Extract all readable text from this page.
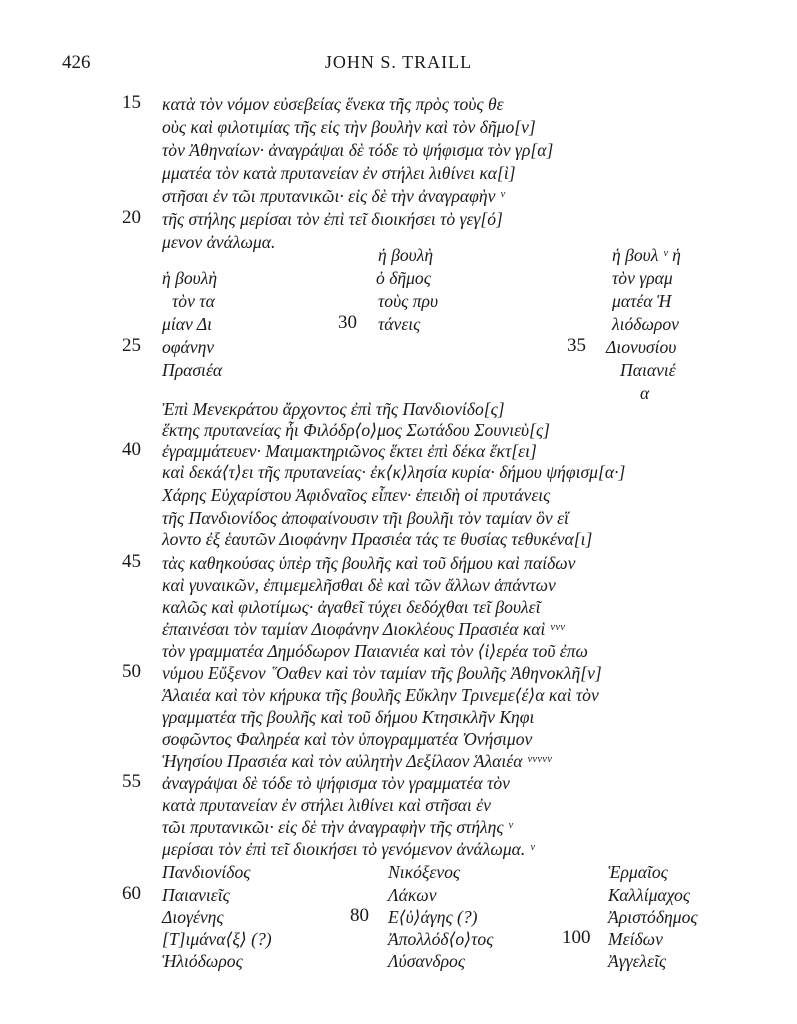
426	JOHN S. TRAILL
15 κατὰ τὸν νόμον εὐσεβείας ἕνεκα τῆς πρὸς τοὺς θε
οὺς καὶ φιλοτιμίας τῆς εἰς τὴν βουλὴν καὶ τὸν δῆμο[ν]
τὸν Ἀθηναίων· ἀναγράψαι δὲ τόδε τὸ ψήφισμα τὸν γρ[α]
μματέα τὸν κατὰ πρυτανείαν ἐν στήλει λιθίνει κα[ὶ]
στῆσαι ἐν τῶι πρυτανικῶι· εἰς δὲ τὴν ἀναγραφὴν ᵛ
20 τῆς στήλης μερίσαι τὸν ἐπὶ τεῖ διοικήσει τὸ γεγ[ό]
μενον ἀνάλωμα.
ἡ βουλὴ
τὸν τα
μίαν Δι
25 οφάνην
Πρασιέα
ἡ βουλὴ
ὁ δῆμος
τοὺς πρυ
30 τάνεις
ἡ βουλ ᵛ ἡ
τὸν γραμ
ματέα Ἡ
λιόδωρον
35 Διονυσίου
Παιανιέ
α
Ἐπὶ Μενεκράτου ἄρχοντος ἐπὶ τῆς Πανδιονίδο[ς]
ἕκτης πρυτανείας ἧι Φιλόδρ⟨ο⟩μος Σωτάδου Σουνιεὺ[ς]
40 ἐγραμμάτευεν· Μαιμακτηριῶνος ἕκτει ἐπὶ δέκα ἕκτ[ει]
καὶ δεκά⟨τ⟩ει τῆς πρυτανείας· ἐκ⟨κ⟩λησία κυρία· δήμου ψήφισμ[α·]
Χάρης Εὐχαρίστου Ἀφιδναῖος εἶπεν· ἐπειδὴ οἱ πρυτάνεις
τῆς Πανδιονίδος ἀποφαίνουσιν τῆι βουλῆι τὸν ταμίαν ὃν εἵ
λοντο ἐξ ἑαυτῶν Διοφάνην Πρασιέα τάς τε θυσίας τεθυκένα[ι]
45 τὰς καθηκούσας ὑπὲρ τῆς βουλῆς καὶ τοῦ δήμου καὶ παίδων
καὶ γυναικῶν, ἐπιμεμελῆσθαι δὲ καὶ τῶν ἄλλων ἁπάντων
καλῶς καὶ φιλοτίμως· ἀγαθεῖ τύχει δεδόχθαι τεῖ βουλεῖ
ἐπαινέσαι τὸν ταμίαν Διοφάνην Διοκλέους Πρασιέα καὶ ᵛᵛᵛ
τὸν γραμματέα Δημόδωρον Παιανιέα καὶ τὸν ⟨ἱ⟩ερέα τοῦ ἐπω
50 νύμου Εὔξενον ῞Οαθεν καὶ τὸν ταμίαν τῆς βουλῆς Ἀθηνοκλῆ[ν]
Ἁλαιέα καὶ τὸν κήρυκα τῆς βουλῆς Εὔκλην Τρινεμε⟨έ⟩α καὶ τὸν
γραμματέα τῆς βουλῆς καὶ τοῦ δήμου Κτησικλῆν Κηφι
σοφῶντος Φαληρέα καὶ τὸν ὑπογραμματέα Ὀνήσιμον
Ἡγησίου Πρασιέα καὶ τὸν αὐλητὴν Δεξίλαον Ἁλαιέα ᵛᵛᵛᵛᵛ
55 ἀναγράψαι δὲ τόδε τὸ ψήφισμα τὸν γραμματέα τὸν
κατὰ πρυτανείαν ἐν στήλει λιθίνει καὶ στῆσαι ἐν
τῶι πρυτανικῶι· εἰς δὲ τὴν ἀναγραφὴν τῆς στήλης ᵛ
μερίσαι τὸν ἐπὶ τεῖ διοικήσει τὸ γενόμενον ἀνάλωμα. ᵛ
Πανδιονίδος
60 Παιανιεῖς
Διογένης
[Τ]ιμάνα⟨ξ⟩ (?)
Ἡλιόδωρος
Νικόξενος
Λάκων
80 Ε⟨ὐ⟩άγης (?)
Ἀπολλόδ⟨ο⟩τος
Λύσανδρος
Ἑρμαῖος
Καλλίμαχος
Ἀριστόδημος
100 Μείδων
Ἀγγελεῖς
